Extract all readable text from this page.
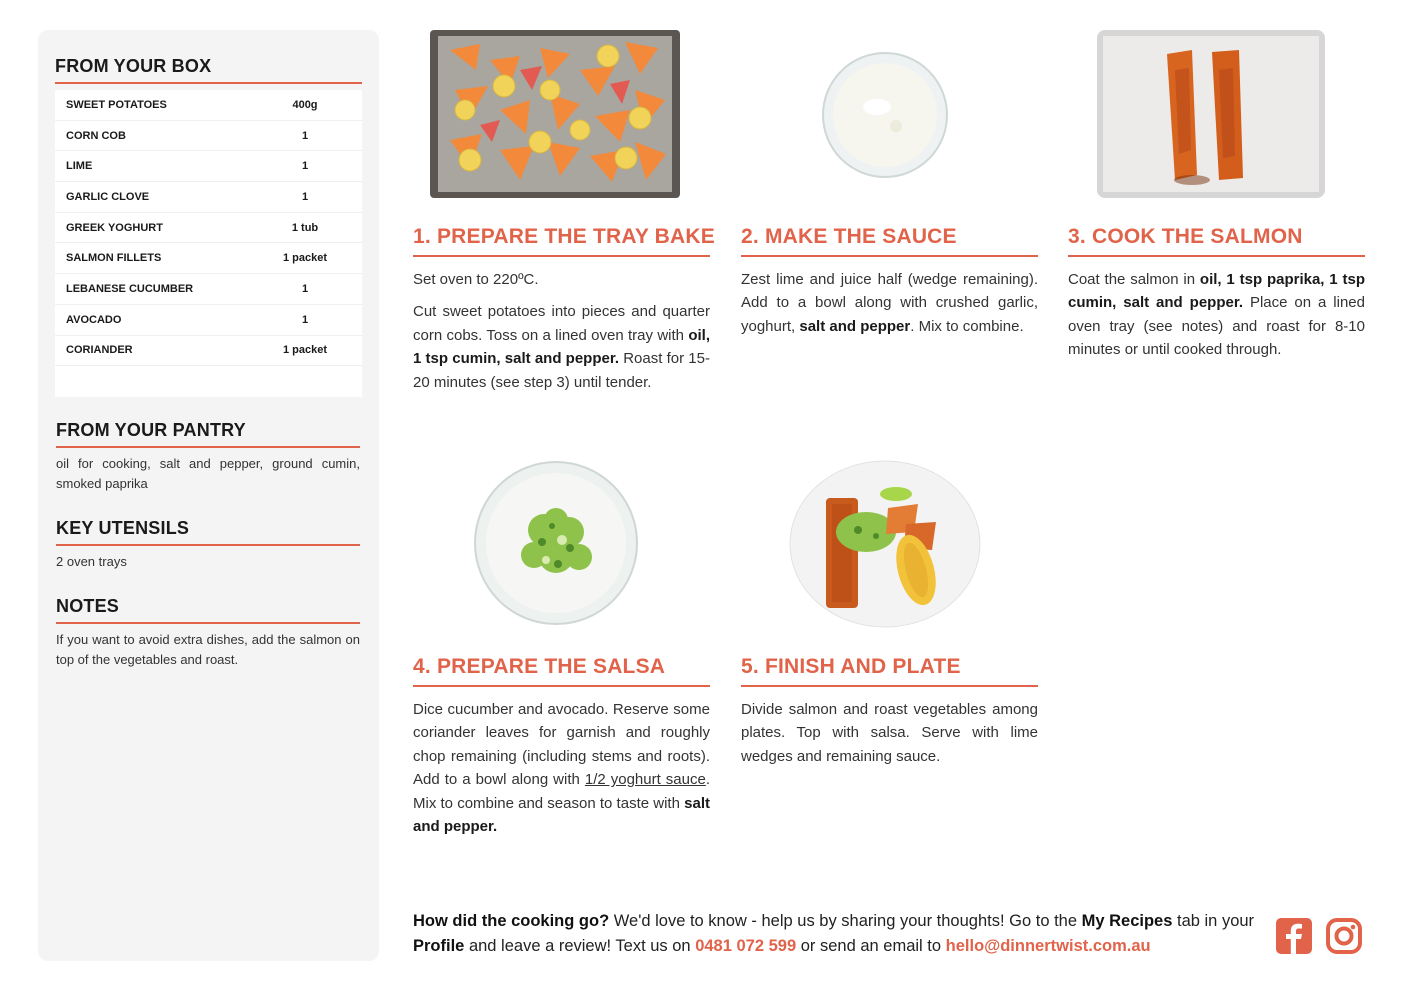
FROM YOUR BOX
SWEET POTATOES	400g
CORN COB	1
LIME	1
GARLIC CLOVE	1
GREEK YOGHURT	1 tub
SALMON FILLETS	1 packet
LEBANESE CUCUMBER	1
AVOCADO	1
CORIANDER	1 packet
FROM YOUR PANTRY
oil for cooking, salt and pepper, ground cumin, smoked paprika
KEY UTENSILS
2 oven trays
NOTES
If you want to avoid extra dishes, add the salmon on top of the vegetables and roast.
1. PREPARE THE TRAY BAKE

Set oven to 220ºC.

Cut sweet potatoes into pieces and quarter corn cobs. Toss on a lined oven tray with oil, 1 tsp cumin, salt and pepper. Roast for 15-20 minutes (see step 3) until tender.

2. MAKE THE SAUCE

Zest lime and juice half (wedge remaining). Add to a bowl along with crushed garlic, yoghurt, salt and pepper. Mix to combine.

3. COOK THE SALMON

Coat the salmon in oil, 1 tsp paprika, 1 tsp cumin, salt and pepper. Place on a lined oven tray (see notes) and roast for 8-10 minutes or until cooked through.

4. PREPARE THE SALSA

Dice cucumber and avocado. Reserve some coriander leaves for garnish and roughly chop remaining (including stems and roots). Add to a bowl along with 1/2 yoghurt sauce. Mix to combine and season to taste with salt and pepper.

5. FINISH AND PLATE

Divide salmon and roast vegetables among plates. Top with salsa. Serve with lime wedges and remaining sauce.

How did the cooking go? We'd love to know - help us by sharing your thoughts! Go to the My Recipes tab in your Profile and leave a review! Text us on 0481 072 599 or send an email to hello@dinnertwist.com.au
